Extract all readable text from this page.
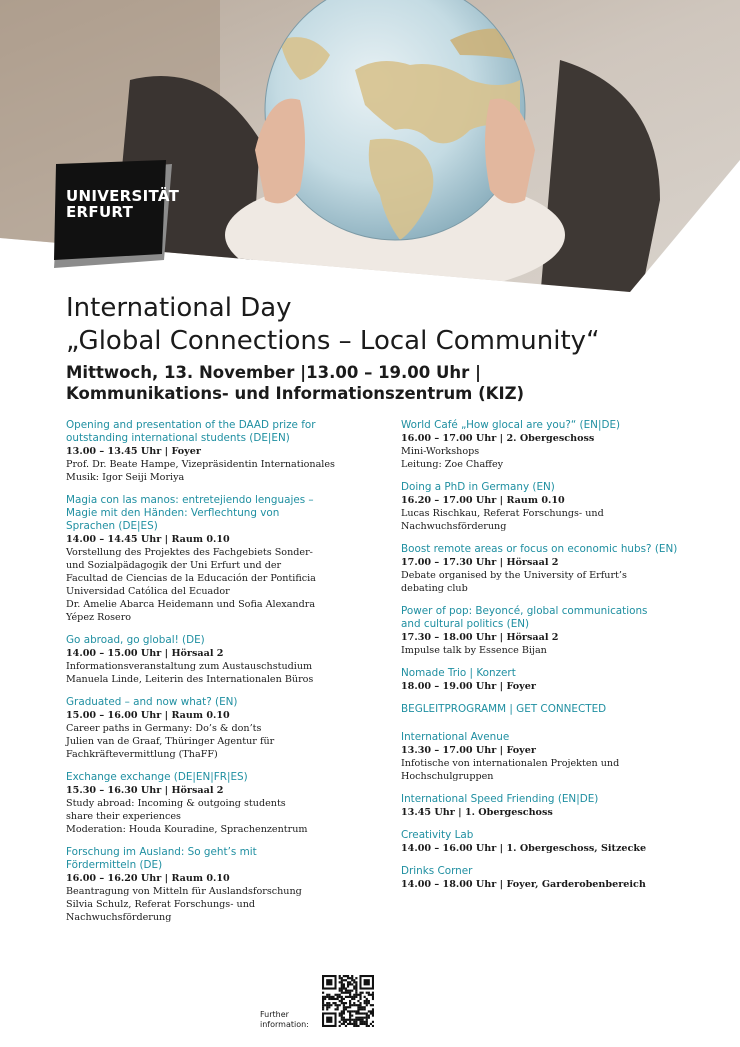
UNIVERSITÄT
ERFURT
International Day
„Global Connections – Local Community“
Mittwoch, 13. November |13.00 – 19.00 Uhr |
Kommunikations- und Informationszentrum (KIZ)
Opening and presentation of the DAAD prize for
outstanding international students (DE|EN)
13.00 – 13.45 Uhr | Foyer
Prof. Dr. Beate Hampe, Vizepräsidentin Internationales
Musik: Igor Seiji Moriya
Magia con las manos: entretejiendo lenguajes –
Magie mit den Händen: Verflechtung von
Sprachen (DE|ES)
14.00 – 14.45 Uhr | Raum 0.10
Vorstellung des Projektes des Fachgebiets Sonder-
und Sozialpädagogik der Uni Erfurt und der
Facultad de Ciencias de la Educación der Pontificia
Universidad Católica del Ecuador
Dr. Amelie Abarca Heidemann und Sofia Alexandra
Yépez Rosero
Go abroad, go global! (DE)
14.00 – 15.00 Uhr | Hörsaal 2
Informationsveranstaltung zum Austauschstudium
Manuela Linde, Leiterin des Internationalen Büros
Graduated – and now what? (EN)
15.00 – 16.00 Uhr | Raum 0.10
Career paths in Germany: Do’s & don’ts
Julien van de Graaf, Thüringer Agentur für
Fachkräftevermittlung (ThaFF)
Exchange exchange (DE|EN|FR|ES)
15.30 – 16.30 Uhr | Hörsaal 2
Study abroad: Incoming & outgoing students
share their experiences
Moderation: Houda Kouradine, Sprachenzentrum
Forschung im Ausland: So geht’s mit
Fördermitteln (DE)
16.00 – 16.20 Uhr | Raum 0.10
Beantragung von Mitteln für Auslandsforschung
Silvia Schulz, Referat Forschungs- und
Nachwuchsförderung
World Café „How glocal are you?“ (EN|DE)
16.00 – 17.00 Uhr | 2. Obergeschoss
Mini-Workshops
Leitung: Zoe Chaffey
Doing a PhD in Germany (EN)
16.20 – 17.00 Uhr | Raum 0.10
Lucas Rischkau, Referat Forschungs- und
Nachwuchsförderung
Boost remote areas or focus on economic hubs? (EN)
17.00 – 17.30 Uhr | Hörsaal 2
Debate organised by the University of Erfurt’s
debating club
Power of pop: Beyoncé, global communications
and cultural politics (EN)
17.30 – 18.00 Uhr | Hörsaal 2
Impulse talk by Essence Bijan
Nomade Trio | Konzert
18.00 – 19.00 Uhr | Foyer
BEGLEITPROGRAMM | GET CONNECTED
International Avenue
13.30 – 17.00 Uhr | Foyer
Infotische von internationalen Projekten und
Hochschulgruppen
International Speed Friending (EN|DE)
13.45 Uhr | 1. Obergeschoss
Creativity Lab
14.00 – 16.00 Uhr | 1. Obergeschoss, Sitzecke
Drinks Corner
14.00 – 18.00 Uhr | Foyer, Garderobenbereich
Further
information:
